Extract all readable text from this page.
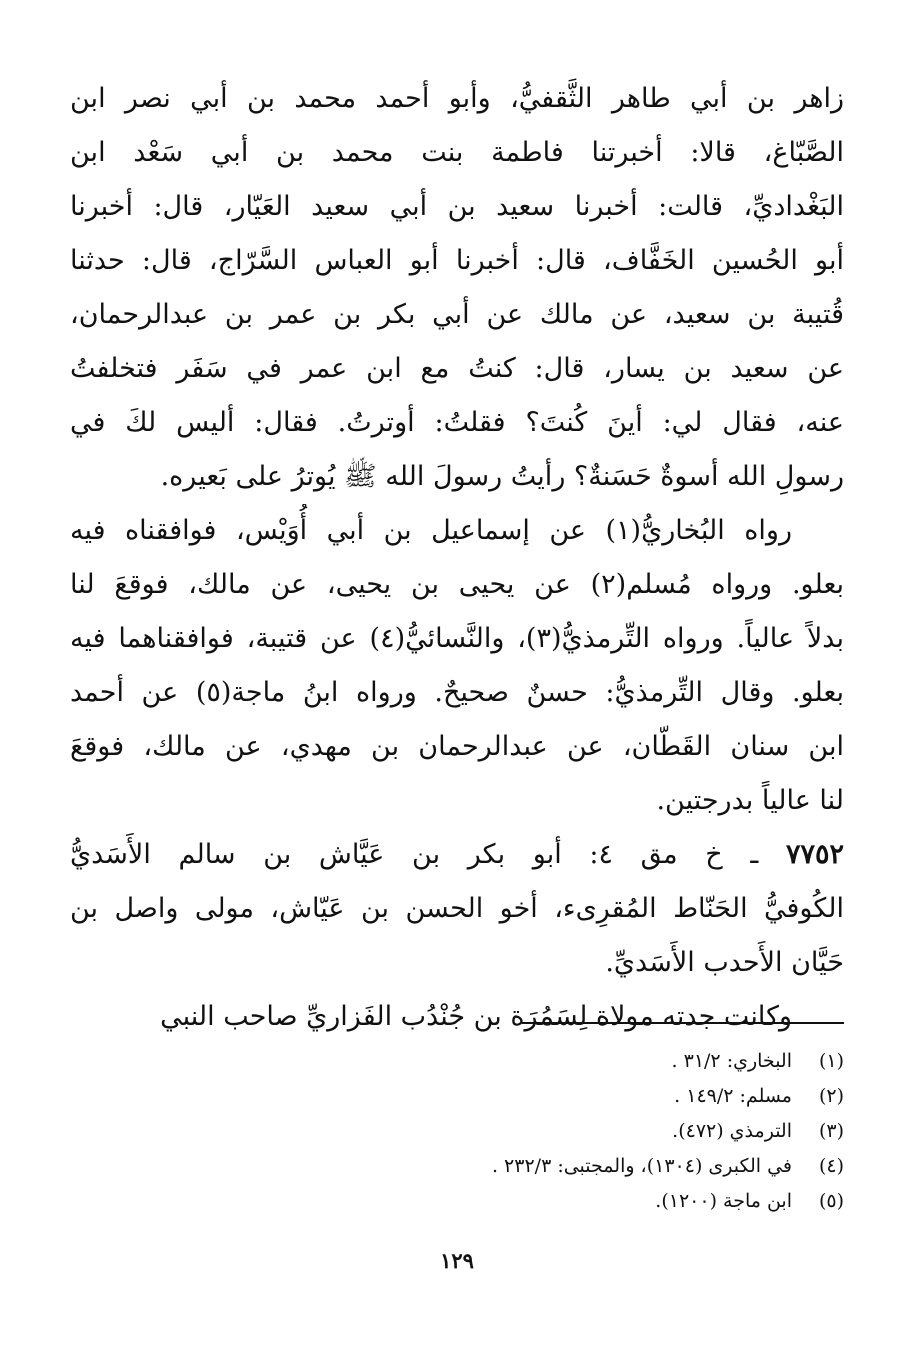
زاهر بن أبي طاهر الثَّقفيُّ، وأبو أحمد محمد بن أبي نصر ابن
الصَّبّاغ، قالا: أخبرتنا فاطمة بنت محمد بن أبي سَعْد ابن
البَغْداديِّ، قالت: أخبرنا سعيد بن أبي سعيد العَيّار، قال: أخبرنا
أبو الحُسين الخَفَّاف، قال: أخبرنا أبو العباس السَّرّاج، قال: حدثنا
قُتيبة بن سعيد، عن مالك عن أبي بكر بن عمر بن عبدالرحمان،
عن سعيد بن يسار، قال: كنتُ مع ابن عمر في سَفَر فتخلفتُ
عنه، فقال لي: أينَ كُنتَ؟ فقلتُ: أوترتُ. فقال: أليس لكَ في
رسولِ الله أسوةٌ حَسَنةٌ؟ رأيتُ رسولَ الله ﷺ يُوترُ على بَعيره.
رواه البُخاريُّ(١) عن إسماعيل بن أبي أُوَيْس، فوافقناه فيه
بعلو. ورواه مُسلم(٢) عن يحيى بن يحيى، عن مالك، فوقعَ لنا
بدلاً عالياً. ورواه التِّرمذيُّ(٣)، والنَّسائيُّ(٤) عن قتيبة، فوافقناهما فيه
بعلو. وقال التِّرمذيُّ: حسنٌ صحيحٌ. ورواه ابنُ ماجة(٥) عن أحمد
ابن سنان القَطّان، عن عبدالرحمان بن مهدي، عن مالك، فوقعَ
لنا عالياً بدرجتين.
٧٧٥٢ ـ خ مق ٤: أبو بكر بن عَيَّاش بن سالم الأَسَديُّ
الكُوفيُّ الحَنّاط المُقرِىء، أخو الحسن بن عَيّاش، مولى واصل بن
حَيَّان الأَحدب الأَسَديِّ.
وكانت جدته مولاة لِسَمُرَة بن جُنْدُب الفَزاريِّ صاحب النبي
(١)البخاري: ٣١/٢ .
(٢)مسلم: ١٤٩/٢ .
(٣)الترمذي (٤٧٢).
(٤)في الكبرى (١٣٠٤)، والمجتبى: ٢٣٢/٣ .
(٥)ابن ماجة (١٢٠٠).
١٢٩
